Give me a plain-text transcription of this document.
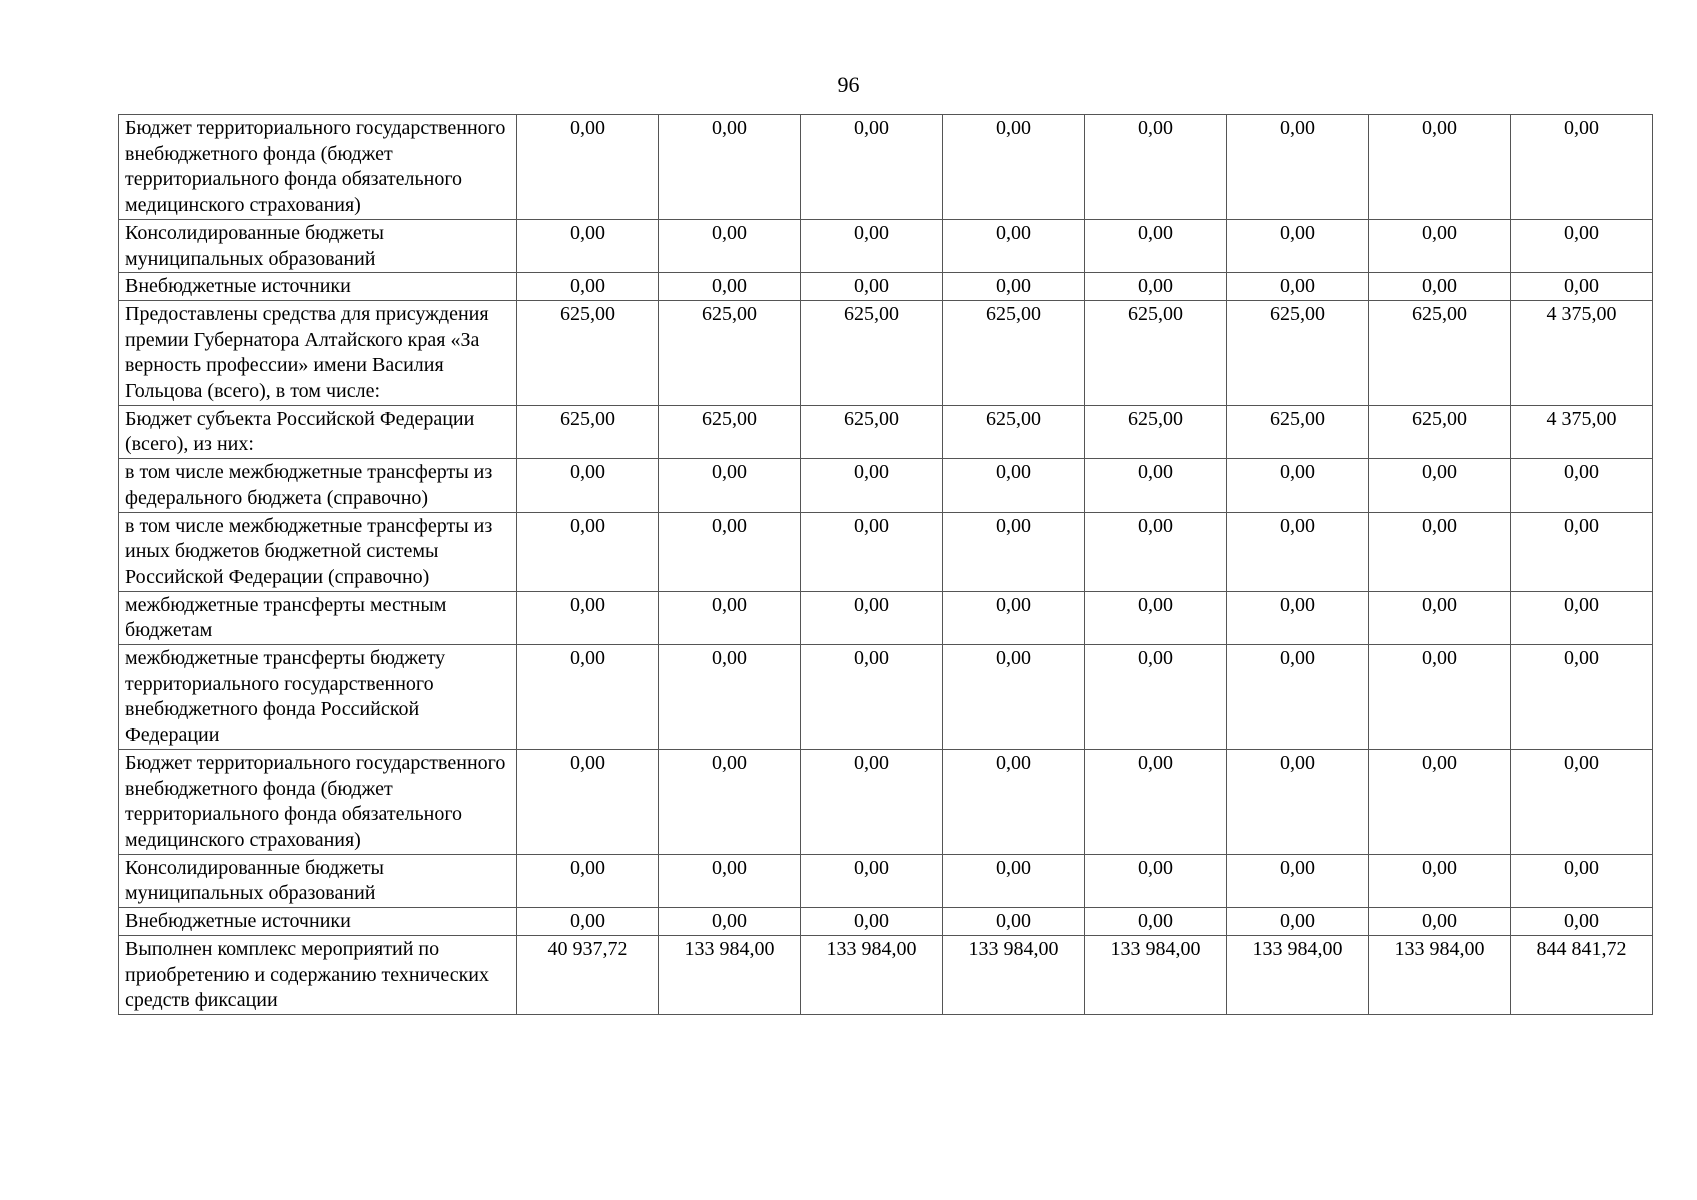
96
Бюджет территориального государственного внебюджетного фонда (бюджет территориального фонда обязательного медицинского страхования)	0,00	0,00	0,00	0,00	0,00	0,00	0,00	0,00
Консолидированные бюджеты муниципальных образований	0,00	0,00	0,00	0,00	0,00	0,00	0,00	0,00
Внебюджетные источники	0,00	0,00	0,00	0,00	0,00	0,00	0,00	0,00
Предоставлены средства для присуждения премии Губернатора Алтайского края «За верность профессии» имени Василия Гольцова (всего), в том числе:	625,00	625,00	625,00	625,00	625,00	625,00	625,00	4 375,00
Бюджет субъекта Российской Федерации (всего), из них:	625,00	625,00	625,00	625,00	625,00	625,00	625,00	4 375,00
в том числе межбюджетные трансферты из федерального бюджета (справочно)	0,00	0,00	0,00	0,00	0,00	0,00	0,00	0,00
в том числе межбюджетные трансферты из иных бюджетов бюджетной системы Российской Федерации (справочно)	0,00	0,00	0,00	0,00	0,00	0,00	0,00	0,00
межбюджетные трансферты местным бюджетам	0,00	0,00	0,00	0,00	0,00	0,00	0,00	0,00
межбюджетные трансферты бюджету территориального государственного внебюджетного фонда Российской Федерации	0,00	0,00	0,00	0,00	0,00	0,00	0,00	0,00
Бюджет территориального государственного внебюджетного фонда (бюджет территориального фонда обязательного медицинского страхования)	0,00	0,00	0,00	0,00	0,00	0,00	0,00	0,00
Консолидированные бюджеты муниципальных образований	0,00	0,00	0,00	0,00	0,00	0,00	0,00	0,00
Внебюджетные источники	0,00	0,00	0,00	0,00	0,00	0,00	0,00	0,00
Выполнен комплекс мероприятий по приобретению и содержанию технических средств фиксации	40 937,72	133 984,00	133 984,00	133 984,00	133 984,00	133 984,00	133 984,00	844 841,72
